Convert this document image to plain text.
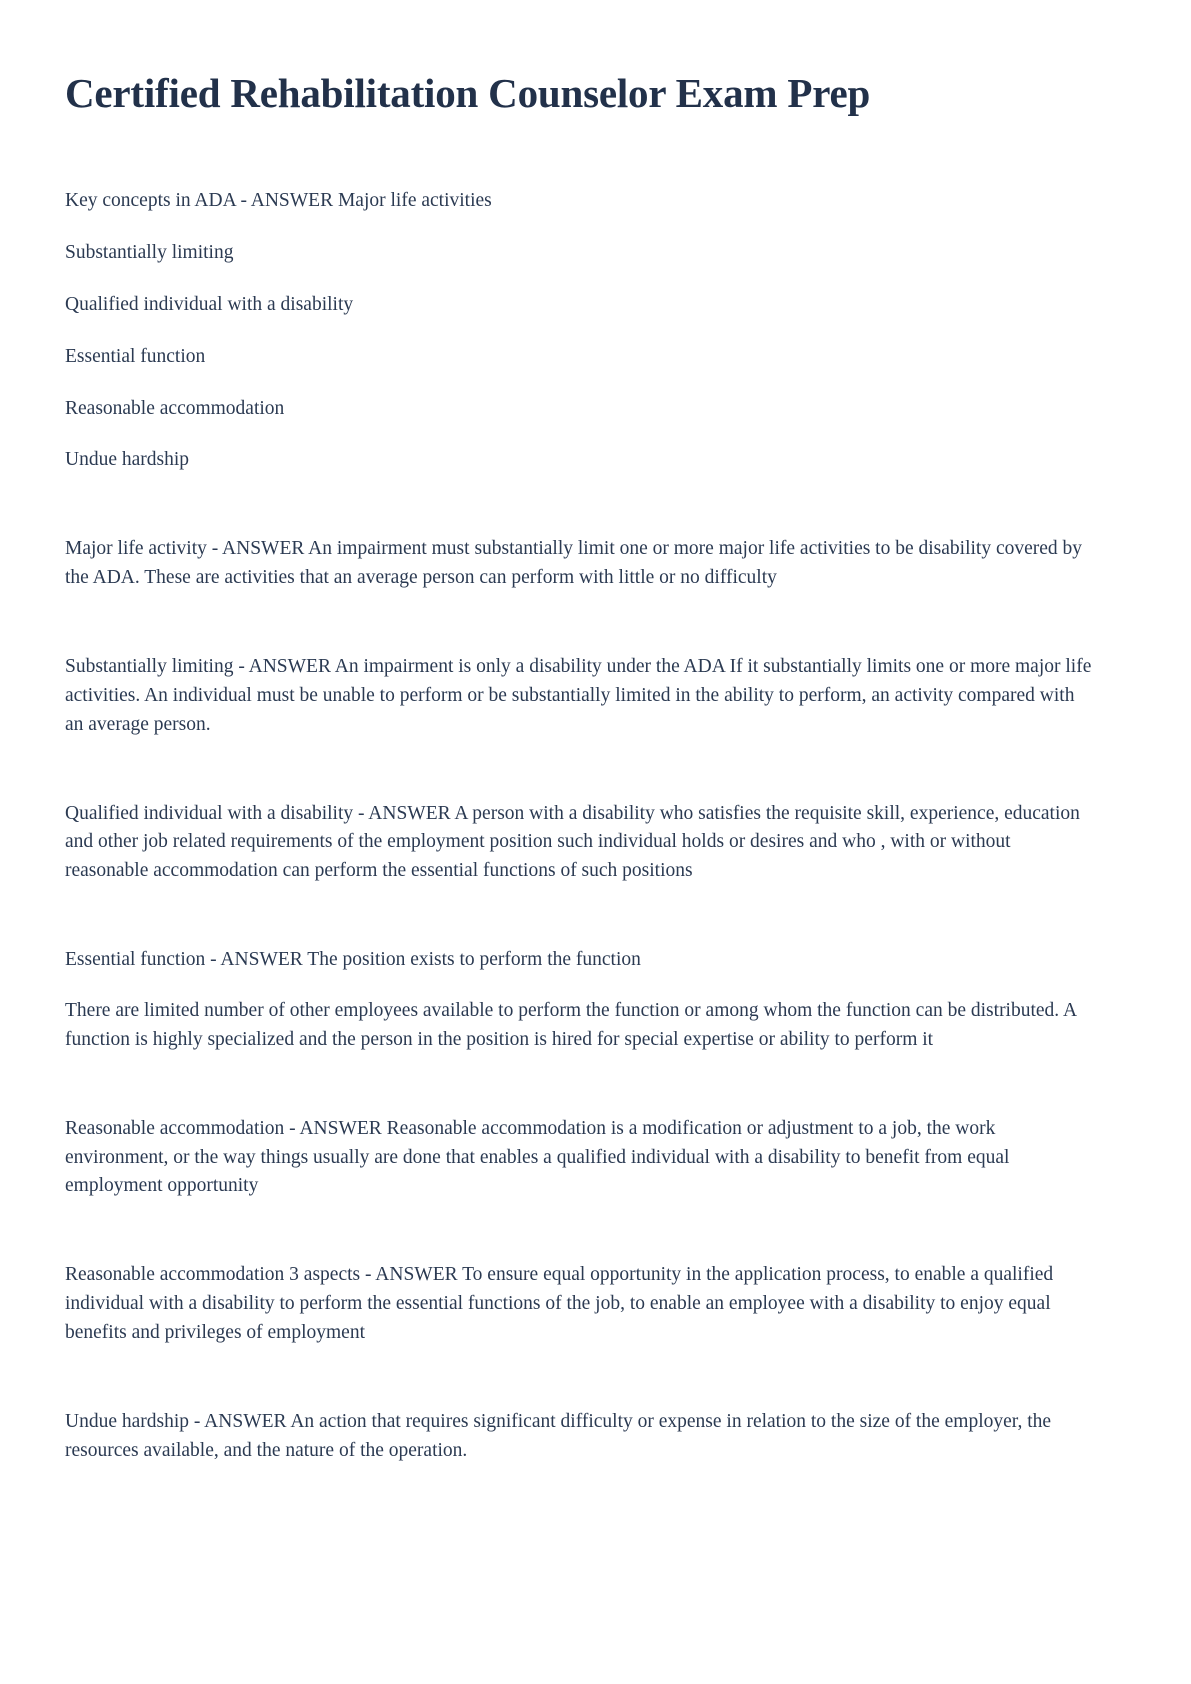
Certified Rehabilitation Counselor Exam Prep

Key concepts in ADA - ANSWER Major life activities

Substantially limiting

Qualified individual with a disability

Essential function

Reasonable accommodation

Undue hardship

Major life activity - ANSWER An impairment must substantially limit one or more major life activities to be disability covered by the ADA. These are activities that an average person can perform with little or no difficulty

Substantially limiting - ANSWER An impairment is only a disability under the ADA If it substantially limits one or more major life activities. An individual must be unable to perform or be substantially limited in the ability to perform, an activity compared with an average person.

Qualified individual with a disability - ANSWER A person with a disability who satisfies the requisite skill, experience, education and other job related requirements of the employment position such individual holds or desires and who , with or without reasonable accommodation can perform the essential functions of such positions

Essential function - ANSWER The position exists to perform the function

There are limited number of other employees available to perform the function or among whom the function can be distributed. A function is highly specialized and the person in the position is hired for special expertise or ability to perform it

Reasonable accommodation - ANSWER Reasonable accommodation is a modification or adjustment to a job, the work environment, or the way things usually are done that enables a qualified individual with a disability to benefit from equal employment opportunity

Reasonable accommodation 3 aspects - ANSWER To ensure equal opportunity in the application process, to enable a qualified individual with a disability to perform the essential functions of the job, to enable an employee with a disability to enjoy equal benefits and privileges of employment

Undue hardship - ANSWER An action that requires significant difficulty or expense in relation to the size of the employer, the resources available, and the nature of the operation.
